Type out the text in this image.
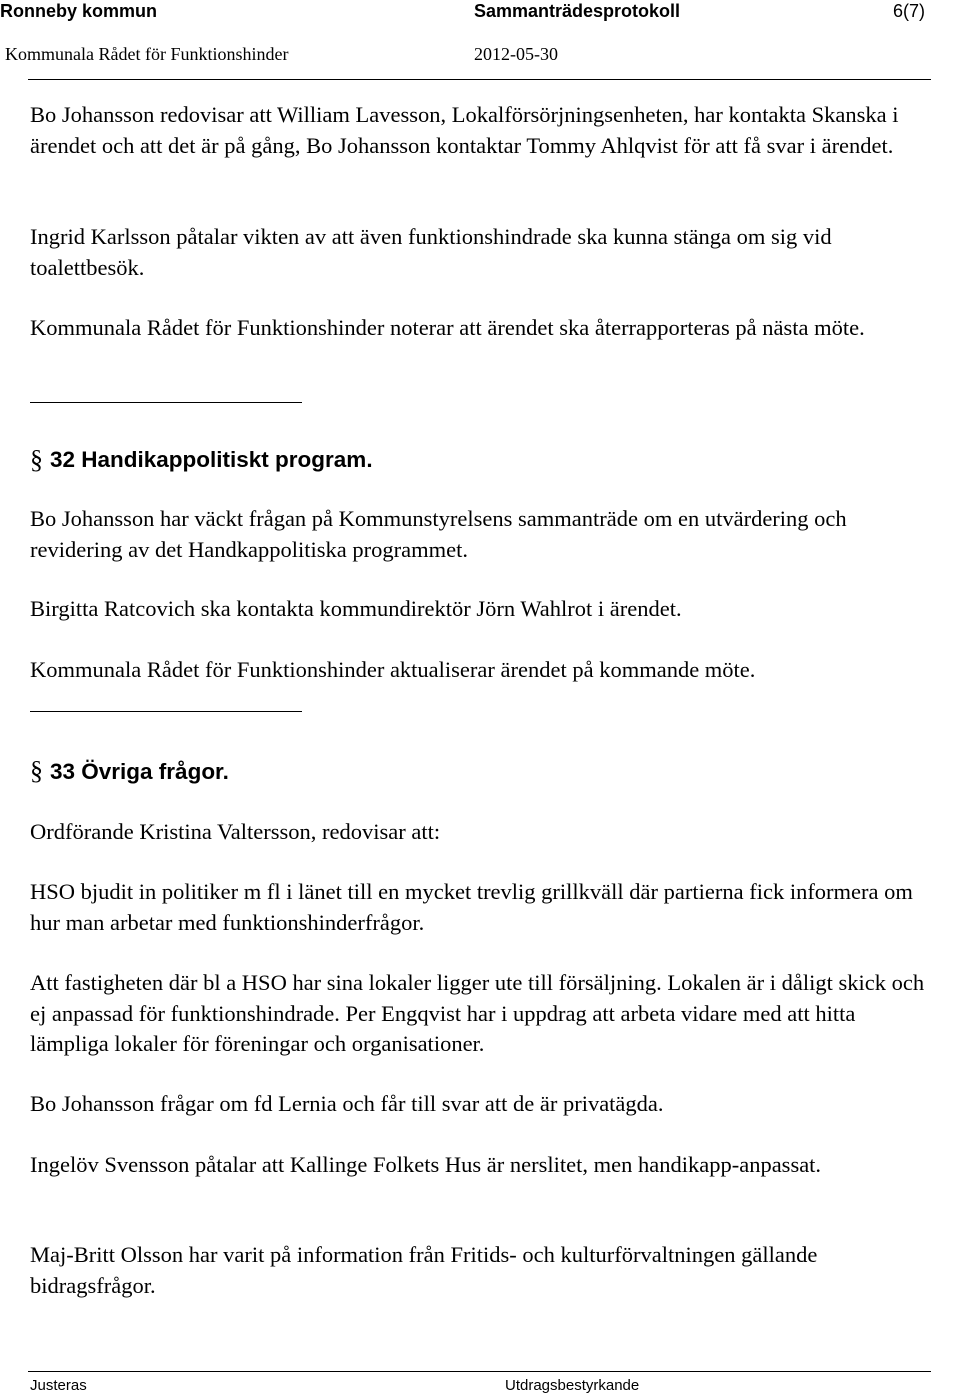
Ronneby kommun	Sammanträdesprotokoll	6(7)
Kommunala Rådet för Funktionshinder	2012-05-30

Bo Johansson redovisar att William Lavesson, Lokalförsörjningsenheten, har kontakta Skanska i ärendet och att det är på gång, Bo Johansson kontaktar Tommy Ahlqvist för att få svar i ärendet.

Ingrid Karlsson påtalar vikten av att även funktionshindrade ska kunna stänga om sig vid toalettbesök.

Kommunala Rådet för Funktionshinder noterar att ärendet ska återrapporteras på nästa möte.

§ 32 Handikappolitiskt program.

Bo Johansson har väckt frågan på Kommunstyrelsens sammanträde om en utvärdering och revidering av det Handkappolitiska programmet.

Birgitta Ratcovich ska kontakta kommundirektör Jörn Wahlrot i ärendet.

Kommunala Rådet för Funktionshinder aktualiserar ärendet på kommande möte.

§ 33 Övriga frågor.

Ordförande Kristina Valtersson, redovisar att:

HSO bjudit in politiker m fl i länet till en mycket trevlig grillkväll där partierna fick informera om hur man arbetar med funktionshinderfrågor.

Att fastigheten där bl a HSO har sina lokaler ligger ute till försäljning. Lokalen är i dåligt skick och ej anpassad för funktionshindrade. Per Engqvist har i uppdrag att arbeta vidare med att hitta lämpliga lokaler för föreningar och organisationer.

Bo Johansson frågar om fd Lernia och får till svar att de är privatägda.

Ingelöv Svensson påtalar att Kallinge Folkets Hus är nerslitet, men handikapp-anpassat.

Maj-Britt Olsson har varit på information från Fritids- och kulturförvaltningen gällande bidragsfrågor.

Justeras	Utdragsbestyrkande
